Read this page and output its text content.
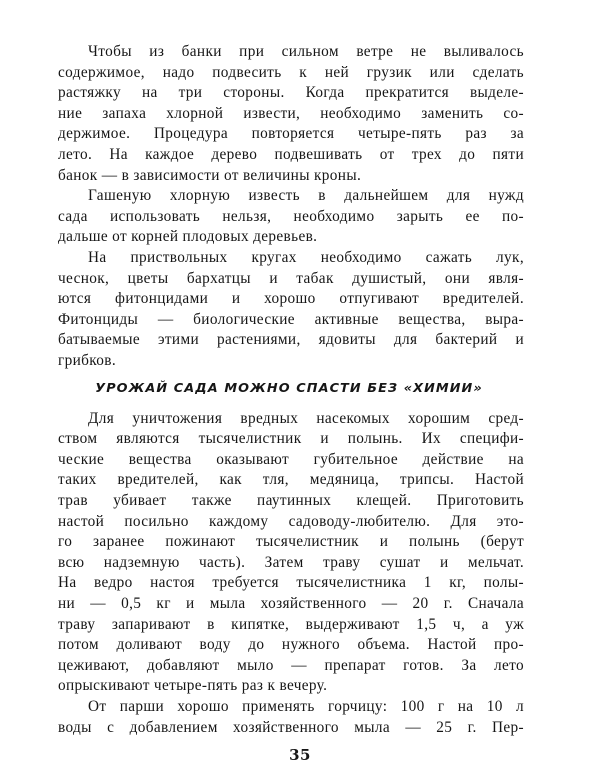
Чтобы из банки при сильном ветре не выливалось
содержимое, надо подвесить к ней грузик или сделать
растяжку на три стороны. Когда прекратится выделе-
ние запаха хлорной извести, необходимо заменить со-
держимое. Процедура повторяется четыре-пять раз за
лето. На каждое дерево подвешивать от трех до пяти
банок — в зависимости от величины кроны.
Гашеную хлорную известь в дальнейшем для нужд
сада использовать нельзя, необходимо зарыть ее по-
дальше от корней плодовых деревьев.
На приствольных кругах необходимо сажать лук,
чеснок, цветы бархатцы и табак душистый, они явля-
ются фитонцидами и хорошо отпугивают вредителей.
Фитонциды — биологические активные вещества, выра-
батываемые этими растениями, ядовиты для бактерий и
грибков.
УРОЖАЙ САДА МОЖНО СПАСТИ БЕЗ «ХИМИИ»
Для уничтожения вредных насекомых хорошим сред-
ством являются тысячелистник и полынь. Их специфи-
ческие вещества оказывают губительное действие на
таких вредителей, как тля, медяница, трипсы. Настой
трав убивает также паутинных клещей. Приготовить
настой посильно каждому садоводу-любителю. Для это-
го заранее пожинают тысячелистник и полынь (берут
всю надземную часть). Затем траву сушат и мельчат.
На ведро настоя требуется тысячелистника 1 кг, полы-
ни — 0,5 кг и мыла хозяйственного — 20 г. Сначала
траву запаривают в кипятке, выдерживают 1,5 ч, а уж
потом доливают воду до нужного объема. Настой про-
цеживают, добавляют мыло — препарат готов. За лето
опрыскивают четыре-пять раз к вечеру.
От парши хорошо применять горчицу: 100 г на 10 л
воды с добавлением хозяйственного мыла — 25 г. Пер-
35
